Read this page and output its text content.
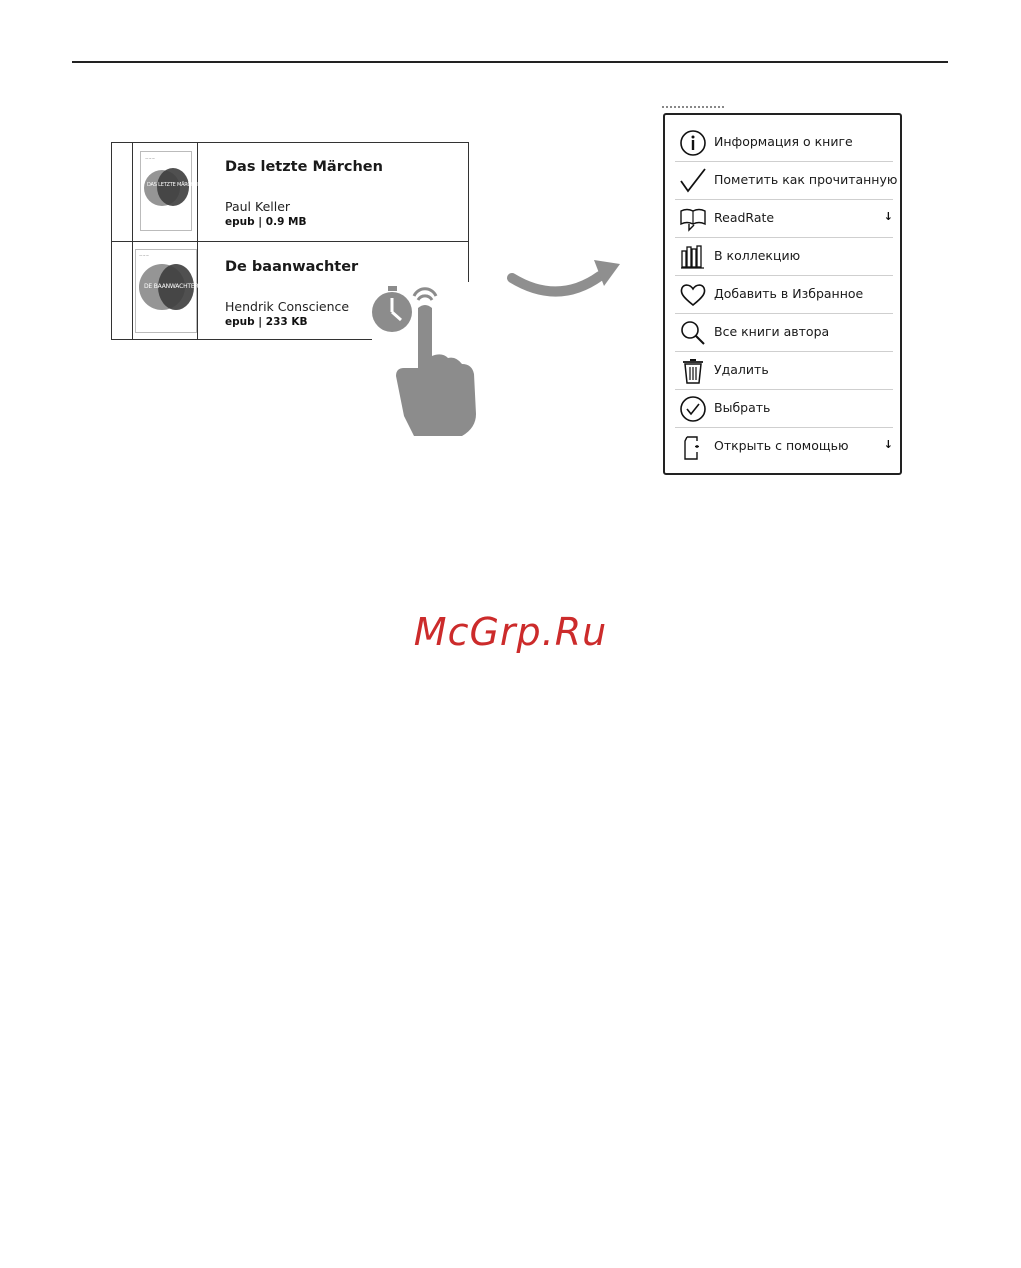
~~~
DAS LETZTE MÄRCHEN
Das letzte Märchen
Paul Keller
epub | 0.9 MB
~~~
DE BAANWACHTER
De baanwachter
Hendrik Conscience
epub | 233 KB
Информация о книге
Пометить как прочитанную
ReadRate	↓
В коллекцию
Добавить в Избранное
Все книги автора
Удалить
Выбрать
Открыть с помощью	↓
McGrp.Ru
